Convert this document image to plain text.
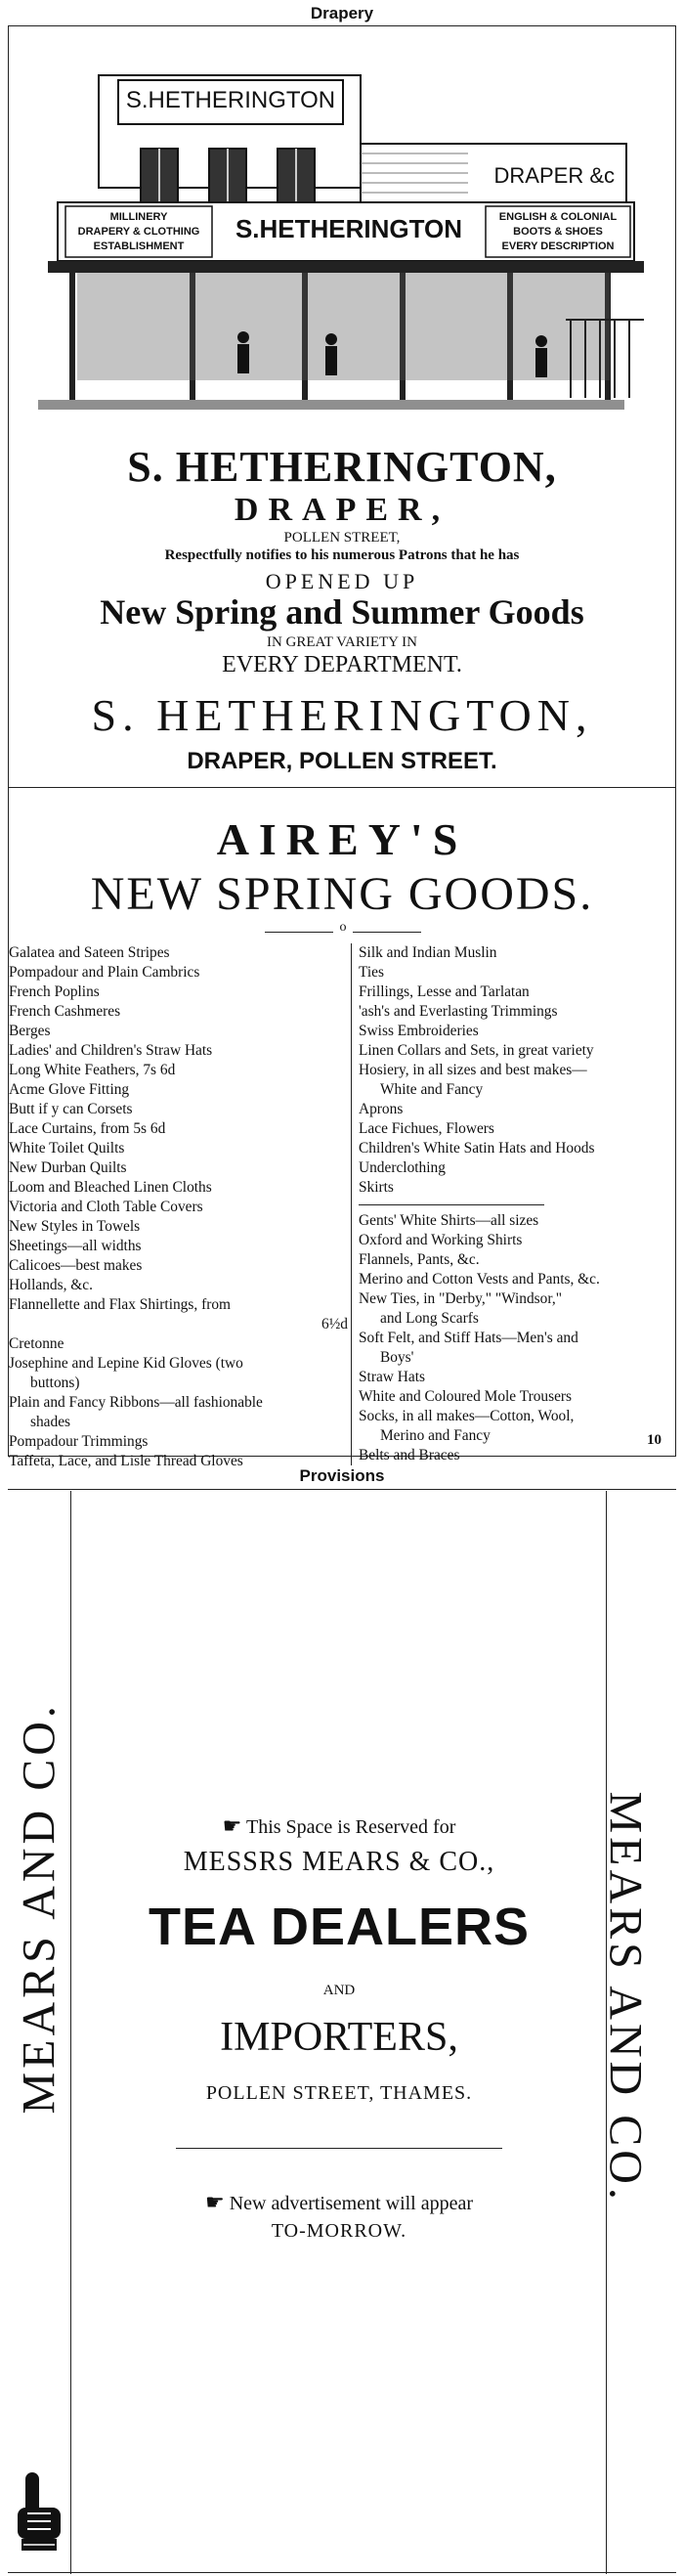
Drapery
S.HETHERINGTON
DRAPER &c
MILLINERY
DRAPERY & CLOTHING
ESTABLISHMENT
S.HETHERINGTON	ENGLISH & COLONIAL
BOOTS & SHOES
EVERY DESCRIPTION
S. HETHERINGTON,
DRAPER,
POLLEN STREET,
Respectfully notifies to his numerous Patrons that he has
OPENED UP
New Spring and Summer Goods
IN GREAT VARIETY IN
EVERY DEPARTMENT.
S. HETHERINGTON,
DRAPER, POLLEN STREET.
AIREY'S
NEW SPRING GOODS.
o
Galatea and Sateen Stripes
Pompadour and Plain Cambrics
French Poplins
French Cashmeres
Berges
Ladies' and Children's Straw Hats
Long White Feathers, 7s 6d
Acme Glove Fitting
Butt if y can Corsets
Lace Curtains, from 5s 6d
White Toilet Quilts
New Durban Quilts
Loom and Bleached Linen Cloths
Victoria and Cloth Table Covers
New Styles in Towels
Sheetings—all widths
Calicoes—best makes
Hollands, &c.
Flannellette and Flax Shirtings, from
6½d
Cretonne
Josephine and Lepine Kid Gloves (two
buttons)
Plain and Fancy Ribbons—all fashionable
shades
Pompadour Trimmings
Taffeta, Lace, and Lisle Thread Gloves
Silk and Indian Muslin
Ties
Frillings, Lesse and Tarlatan
'ash's and Everlasting Trimmings
Swiss Embroideries
Linen Collars and Sets, in great variety
Hosiery, in all sizes and best makes—
White and Fancy
Aprons
Lace Fichues, Flowers
Children's White Satin Hats and Hoods
Underclothing
Skirts
Gents' White Shirts—all sizes
Oxford and Working Shirts
Flannels, Pants, &c.
Merino and Cotton Vests and Pants, &c.
New Ties, in "Derby," "Windsor,"
and Long Scarfs
Soft Felt, and Stiff Hats—Men's and
Boys'
Straw Hats
White and Coloured Mole Trousers
Socks, in all makes—Cotton, Wool,
Merino and Fancy
Belts and Braces
10
Provisions
MEARS AND CO.	MEARS AND CO.
☛ This Space is Reserved for
MESSRS MEARS & CO.,
TEA DEALERS
AND
IMPORTERS,
POLLEN STREET, THAMES.
☛ New advertisement will appear
TO-MORROW.
